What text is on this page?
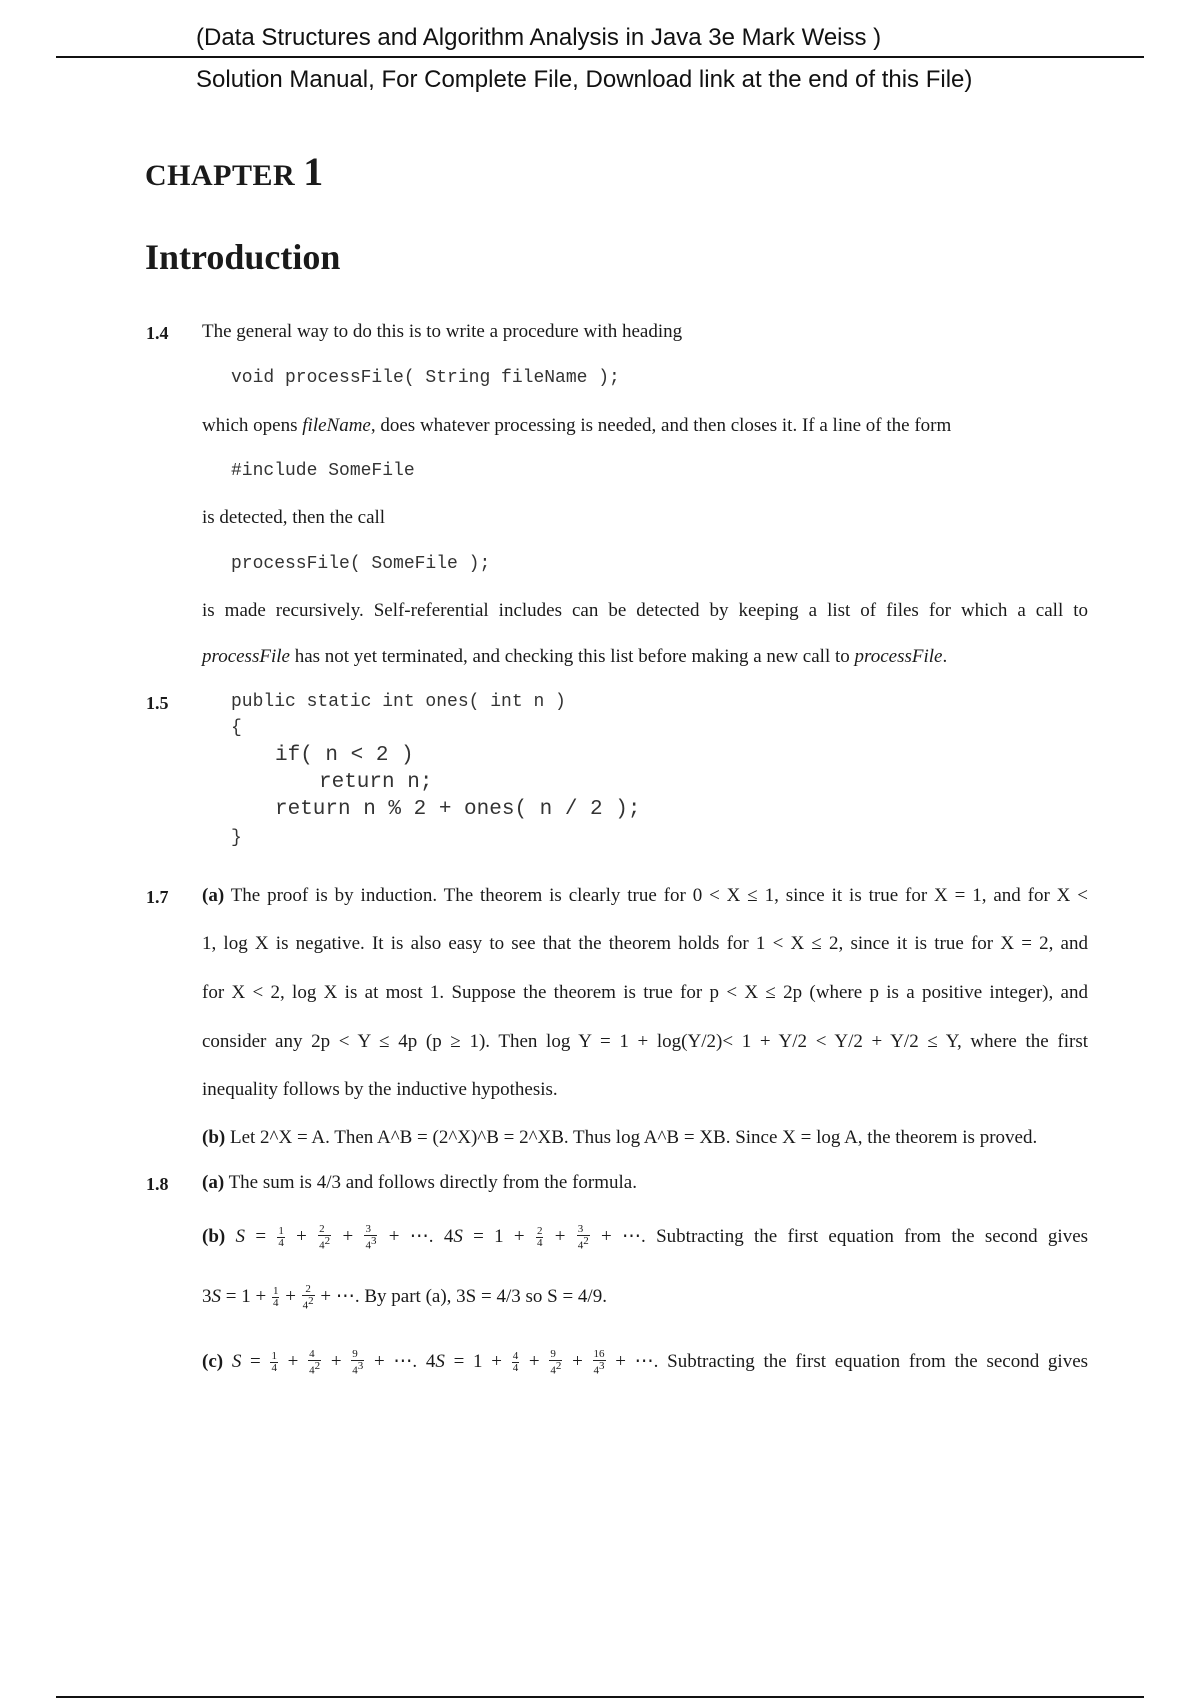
(Data Structures and Algorithm Analysis in Java 3e Mark Weiss )
Solution Manual, For Complete File, Download link at the end of this File)
CHAPTER 1
Introduction
1.4 The general way to do this is to write a procedure with heading
void processFile( String fileName );
which opens fileName, does whatever processing is needed, and then closes it. If a line of the form
#include SomeFile
is detected, then the call
processFile( SomeFile );
is made recursively. Self-referential includes can be detected by keeping a list of files for which a call to
processFile has not yet terminated, and checking this list before making a new call to processFile.
1.5	public static int ones( int n )
{
if( n < 2 )
return n;
return n % 2 + ones( n / 2 );
}
1.7 (a) The proof is by induction. The theorem is clearly true for 0 < X ≤ 1, since it is true for X = 1, and for X <
1, log X is negative. It is also easy to see that the theorem holds for 1 < X ≤ 2, since it is true for X = 2, and
for X < 2, log X is at most 1. Suppose the theorem is true for p < X ≤ 2p (where p is a positive integer), and
consider any 2p < Y ≤ 4p (p ≥ 1). Then log Y = 1 + log(Y/2)< 1 + Y/2 < Y/2 + Y/2 ≤ Y, where the first
inequality follows by the inductive hypothesis.
(b) Let 2^X = A. Then A^B = (2^X)^B = 2^XB. Thus log A^B = XB. Since X = log A, the theorem is proved.
1.8 (a) The sum is 4/3 and follows directly from the formula.
(b) $S = \frac{1}{4} + \frac{2}{4^2} + \frac{3}{4^3}$ + ⋯. $4S = 1 + \frac{2}{4} + \frac{3}{4^2}$ + ⋯. Subtracting the first equation from the second gives
$3S = 1 + \frac{1}{4} + \frac{2}{4^2}$ + ⋯. By part (a), 3S = 4/3 so S = 4/9.
(c) $S = \frac{1}{4} + \frac{4}{4^2} + \frac{9}{4^3}$ + ⋯. $4S = 1 + \frac{4}{4} + \frac{9}{4^2} + \frac{16}{4^3}$ + ⋯. Subtracting the first equation from the second gives
